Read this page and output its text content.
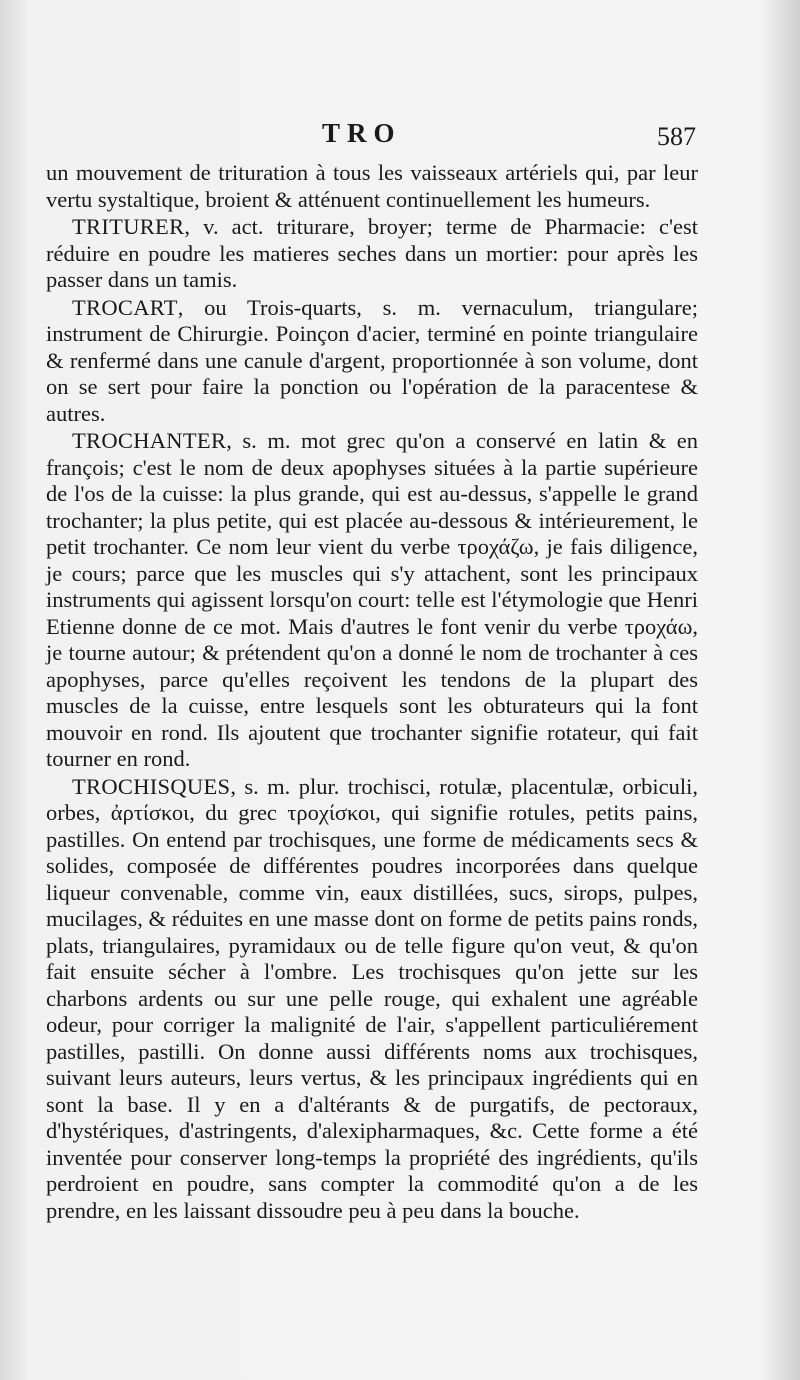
TRO	587

un mouvement de trituration à tous les vaisseaux artériels qui, par leur vertu systaltique, broient & atténuent continuellement les humeurs.

TRITURER, v. act. triturare, broyer; terme de Pharmacie: c'est réduire en poudre les matieres seches dans un mortier: pour après les passer dans un tamis.

TROCART, ou Trois-quarts, s. m. vernaculum, triangulare; instrument de Chirurgie. Poinçon d'acier, terminé en pointe triangulaire & renfermé dans une canule d'argent, proportionnée à son volume, dont on se sert pour faire la ponction ou l'opération de la paracentese & autres.

TROCHANTER, s. m. mot grec qu'on a conservé en latin & en françois; c'est le nom de deux apophyses situées à la partie supérieure de l'os de la cuisse: la plus grande, qui est au-dessus, s'appelle le grand trochanter; la plus petite, qui est placée au-dessous & intérieurement, le petit trochanter. Ce nom leur vient du verbe τροχάζω, je fais diligence, je cours; parce que les muscles qui s'y attachent, sont les principaux instruments qui agissent lorsqu'on court: telle est l'étymologie que Henri Etienne donne de ce mot. Mais d'autres le font venir du verbe τροχάω, je tourne autour; & prétendent qu'on a donné le nom de trochanter à ces apophyses, parce qu'elles reçoivent les tendons de la plupart des muscles de la cuisse, entre lesquels sont les obturateurs qui la font mouvoir en rond. Ils ajoutent que trochanter signifie rotateur, qui fait tourner en rond.

TROCHISQUES, s. m. plur. trochisci, rotulæ, placentulæ, orbiculi, orbes, ἀρτίσκοι, du grec τροχίσκοι, qui signifie rotules, petits pains, pastilles. On entend par trochisques, une forme de médicaments secs & solides, composée de différentes poudres incorporées dans quelque liqueur convenable, comme vin, eaux distillées, sucs, sirops, pulpes, mucilages, & réduites en une masse dont on forme de petits pains ronds, plats, triangulaires, pyramidaux ou de telle figure qu'on veut, & qu'on fait ensuite sécher à l'ombre. Les trochisques qu'on jette sur les charbons ardents ou sur une pelle rouge, qui exhalent une agréable odeur, pour corriger la malignité de l'air, s'appellent particuliérement pastilles, pastilli. On donne aussi différents noms aux trochisques, suivant leurs auteurs, leurs vertus, & les principaux ingrédients qui en sont la base. Il y en a d'altérants & de purgatifs, de pectoraux, d'hystériques, d'astringents, d'alexipharmaques, &c. Cette forme a été inventée pour conserver long-temps la propriété des ingrédients, qu'ils perdroient en poudre, sans compter la commodité qu'on a de les prendre, en les laissant dissoudre peu à peu dans la bouche.
